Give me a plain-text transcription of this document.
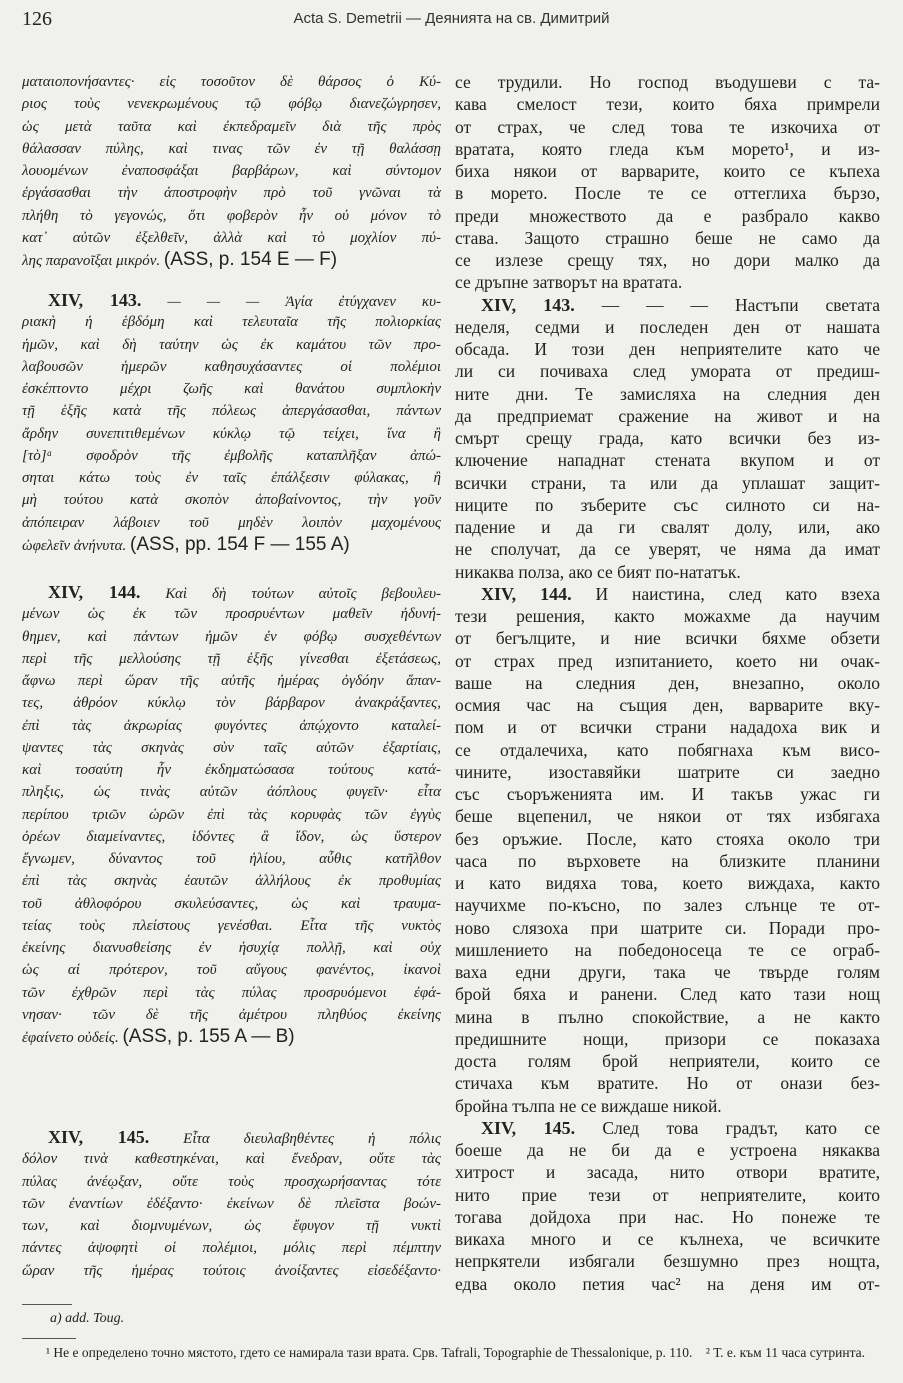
126	Acta S. Demetrii — Деянията на св. Димитрий
ματαιοπονήσαντες· εἰς τοσοῦτον δὲ θάρσος ὁ Κύ-
ριος τοὺς νενεκρωμένους τῷ φόβῳ διανεζώγρησεν,
ὡς μετὰ ταῦτα καὶ ἐκπεδραμεῖν διὰ τῆς πρὸς
θάλασσαν πύλης, καὶ τινας τῶν ἐν τῇ θαλάσσῃ
λουομένων ἐναποσφάξαι βαρβάρων, καὶ σύντομον
ἐργάσασθαι τὴν ἀποστροφὴν πρὸ τοῦ γνῶναι τὰ
πλήθη τὸ γεγονώς, ὅτι φοβερὸν ἦν οὐ μόνον τὸ
κατ᾿ αὐτῶν ἐξελθεῖν, ἀλλὰ καὶ τὸ μοχλίον πύ-
λης παρανοῖξαι μικρόν. (ASS, p. 154 E — F)
XIV, 143. — — — Ἁγία ἐτύγχανεν κυ-
ριακὴ ἡ ἑβδόμη καὶ τελευταῖα τῆς πολιορκίας
ἡμῶν, καὶ δὴ ταύτην ὡς ἐκ καμάτου τῶν προ-
λαβουσῶν ἡμερῶν καθησυχάσαντες οἱ πολέμιοι
ἐσκέπτοντο μέχρι ζωῆς καὶ θανάτου συμπλοκὴν
τῇ ἑξῆς κατὰ τῆς πόλεως ἀπεργάσασθαι, πάντων
ἄρδην συνεπιτιθεμένων κύκλῳ τῷ τείχει, ἵνα ἢ
[τὸ]ᵃ σφοδρὸν τῆς ἐμβολῆς καταπλῆξαν ἀπώ-
σηται κάτω τοὺς ἐν ταῖς ἐπάλξεσιν φύλακας, ἢ
μὴ τούτου κατὰ σκοπὸν ἀποβαίνοντος, τὴν γοῦν
ἀπόπειραν λάβοιεν τοῦ μηδὲν λοιπὸν μαχομένους
ὠφελεῖν ἀνήνυτα. (ASS, pp. 154 F — 155 A)
XIV, 144. Καὶ δὴ τούτων αὐτοῖς βεβουλευ-
μένων ὡς ἐκ τῶν προσρυέντων μαθεῖν ἠδυνή-
θημεν, καὶ πάντων ἡμῶν ἐν φόβῳ συσχεθέντων
περὶ τῆς μελλούσης τῇ ἑξῆς γίνεσθαι ἐξετάσεως,
ἄφνω περὶ ὥραν τῆς αὐτῆς ἡμέρας ὀγδόην ἅπαν-
τες, ἀθρόον κύκλῳ τὸν βάρβαρον ἀνακράξαντες,
ἐπὶ τὰς ἀκρωρίας φυγόντες ἀπῴχοντο καταλεί-
ψαντες τὰς σκηνὰς σὺν ταῖς αὐτῶν ἐξαρτίαις,
καὶ τοσαύτη ἦν ἐκδηματώσασα τούτους κατά-
πληξις, ὡς τινὰς αὐτῶν ἀόπλους φυγεῖν· εἶτα
περίπου τριῶν ὡρῶν ἐπὶ τὰς κορυφὰς τῶν ἐγγὺς
ὀρέων διαμείναντες, ἰδόντες ἃ ἴδον, ὡς ὕστερον
ἔγνωμεν, δύναντος τοῦ ἡλίου, αὖθις κατῆλθον
ἐπὶ τὰς σκηνὰς ἑαυτῶν ἀλλήλους ἐκ προθυμίας
τοῦ ἀθλοφόρου σκυλεύσαντες, ὡς καὶ τραυμα-
τείας τοὺς πλείστους γενέσθαι. Εἶτα τῆς νυκτὸς
ἐκείνης διανυσθείσης ἐν ἡσυχίᾳ πολλῇ, καὶ οὐχ
ὡς αἱ πρότερον, τοῦ αὔγους φανέντος, ἱκανοὶ
τῶν ἐχθρῶν περὶ τὰς πύλας προσρυόμενοι ἐφά-
νησαν· τῶν δὲ τῆς ἀμέτρου πληθύος ἐκείνης
ἐφαίνετο οὐδείς. (ASS, p. 155 A — B)
XIV, 145. Εἶτα διευλαβηθέντες ἡ πόλις
δόλον τινὰ καθεστηκέναι, καὶ ἔνεδραν, οὔτε τὰς
πύλας ἀνέῳξαν, οὔτε τοὺς προσχωρήσαντας τότε
τῶν ἐναντίων ἐδέξαντο· ἐκείνων δὲ πλεῖστα βοών-
των, καὶ διομνυμένων, ὡς ἔφυγον τῇ νυκτὶ
πάντες ἀψοφητὶ οἱ πολέμιοι, μόλις περὶ πέμπτην
ὥραν τῆς ἡμέρας τούτοις ἀνοίξαντες εἰσεδέξαντο·
се трудили. Но господ въодушеви с та-
кава смелост тези, които бяха примрели
от страх, че след това те изкочиха от
вратата, която гледа към морето¹, и из-
биха някои от варварите, които се къпеха
в морето. После те се оттеглиха бързо,
преди множеството да е разбрало какво
става. Защото страшно беше не само да
се излезе срещу тях, но дори малко да
се дръпне затворът на вратата.
XIV, 143. — — — Настъпи светата
неделя, седми и последен ден от нашата
обсада. И този ден неприятелите като че
ли си почиваха след умората от предиш-
ните дни. Те замисляха на следния ден
да предприемат сражение на живот и на
смърт срещу града, като всички без из-
ключение нападнат стената вкупом и от
всички страни, та или да уплашат защит-
ниците по зъберите със силното си на-
падение и да ги свалят долу, или, ако
не сполучат, да се уверят, че няма да имат
никаква полза, ако се бият по-нататък.
XIV, 144. И наистина, след като взеха
тези решения, както можахме да научим
от бегълците, и ние всички бяхме обзети
от страх пред изпитанието, което ни очак-
ваше на следния ден, внезапно, около
осмия час на същия ден, варварите вку-
пом и от всички страни нададоха вик и
се отдалечиха, като побягнаха към висо-
чините, изоставяйки шатрите си заедно
със съоръженията им. И такъв ужас ги
беше вцепенил, че някои от тях избягаха
без оръжие. После, като стояха около три
часа по върховете на близките планини
и като видяха това, което виждаха, както
научихме по-късно, по залез слънце те от-
ново слязоха при шатрите си. Поради про-
мишлението на победоносеца те се ограб-
ваха едни други, така че твърде голям
брой бяха и ранени. След като тази нощ
мина в пълно спокойствие, а не както
предишните нощи, призори се показаха
доста голям брой неприятели, които се
стичаха към вратите. Но от онази без-
бройна тълпа не се виждаше никой.
XIV, 145. След това градът, като се
боеше да не би да е устроена някаква
хитрост и засада, нито отвори вратите,
нито прие тези от неприятелите, които
тогава дойдоха при нас. Но понеже те
викаха много и се кълнеха, че всичките
непркятели избягали безшумно през нощта,
едва около петия час² на деня им от-
a) add. Toug.
¹ Не е определено точно мястото, гдето се намирала тази врата. Срв. Tafrali, Topographie de Thessalonique, p. 110. ² Т. е. към 11 часа сутринта.
